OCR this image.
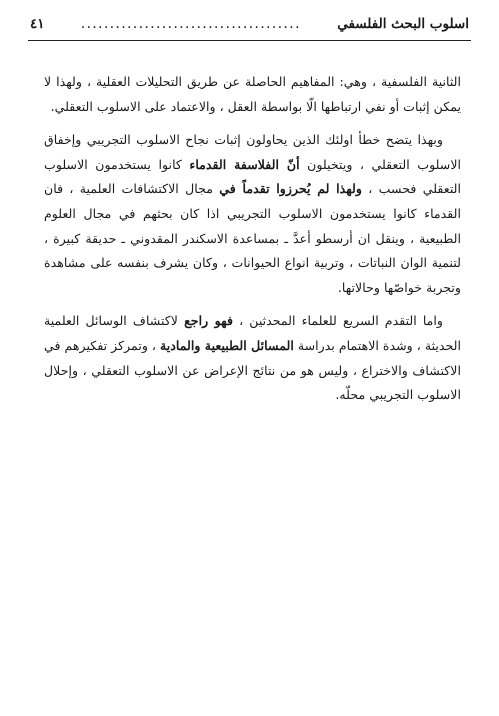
اسلوب البحث الفلسفي
......................................
٤١

الثانية الفلسفية ، وهي: المفاهيم الحاصلة عن طريق التحليلات العقلية ، ولهذا لا يمكن إثبات أو نفي ارتباطها الّا بواسطة العقل ، والاعتماد على الاسلوب التعقلي.

وبهذا يتضح خطأ اولئك الذين يحاولون إثبات نجاح الاسلوب التجريبي وإخفاق الاسلوب التعقلي ، ويتخيلون أنّ الفلاسفة القدماء كانوا يستخدمون الاسلوب التعقلي فحسب ، ولهذا لم يُحرزوا تقدماً في مجال الاكتشافات العلمية ، فان القدماء كانوا يستخدمون الاسلوب التجريبي اذا كان بحثهم في مجال العلوم الطبيعية ، وينقل ان أرسطو أعدَّ ـ بمساعدة الاسكندر المقدوني ـ حديقة كبيرة ، لتنمية الوان النباتات ، وتربية انواع الحيوانات ، وكان يشرف بنفسه على مشاهدة وتجربة خواصّها وحالاتها.

واما التقدم السريع للعلماء المحدثين ، فهو راجع لاكتشاف الوسائل العلمية الحديثة ، وشدة الاهتمام بدراسة المسائل الطبيعية والمادية ، وتمركز تفكيرهم في الاكتشاف والاختراع ، وليس هو من نتائج الإعراض عن الاسلوب التعقلي ، وإحلال الاسلوب التجريبي محلّه.
